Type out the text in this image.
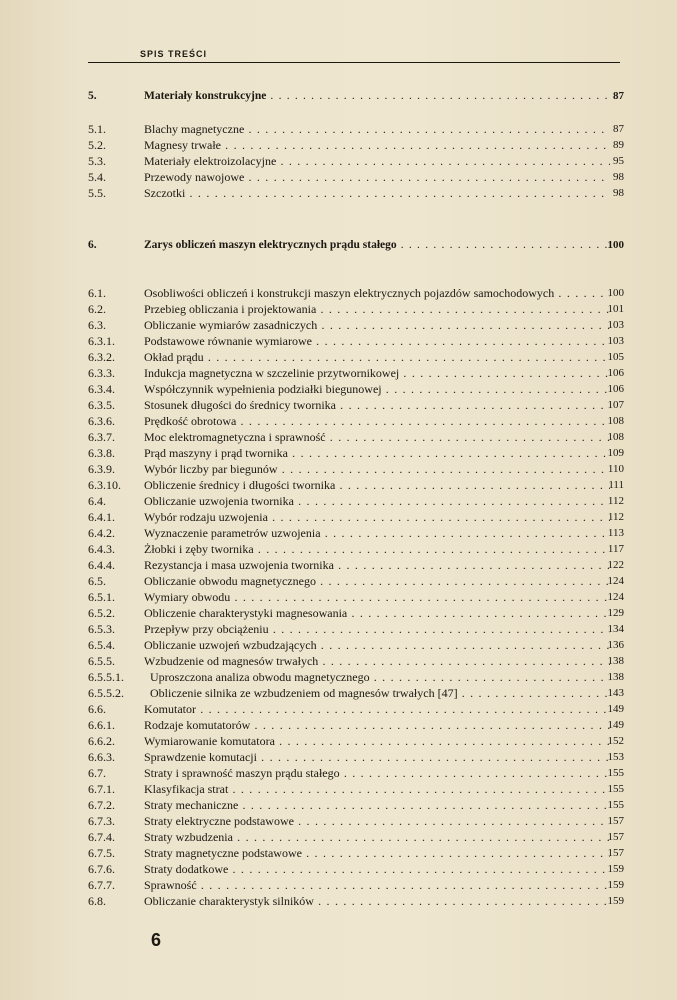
SPIS TREŚCI
5.	Materiały konstrukcyjne . . .	87
5.1.	Blachy magnetyczne . . .	87
5.2.	Magnesy trwałe . . .	89
5.3.	Materiały elektroizolacyjne . . .	95
5.4.	Przewody nawojowe . . .	98
5.5.	Szczotki . . .	98
6.	Zarys obliczeń maszyn elektrycznych prądu stałego . . .	100
6.1.	Osobliwości obliczeń i konstrukcji maszyn elektrycznych pojazdów samochodowych . . .	100
6.2.	Przebieg obliczania i projektowania . . .	101
6.3.	Obliczanie wymiarów zasadniczych . . .	103
6.3.1. Podstawowe równanie wymiarowe . . .	103
6.3.2. Okład prądu . . .	105
6.3.3. Indukcja magnetyczna w szczelinie przytwornikowej . . .	106
6.3.4. Współczynnik wypełnienia podziałki biegunowej . . .	106
6.3.5. Stosunek długości do średnicy twornika . . .	107
6.3.6. Prędkość obrotowa . . .	108
6.3.7. Moc elektromagnetyczna i sprawność . . .	108
6.3.8. Prąd maszyny i prąd twornika . . .	109
6.3.9. Wybór liczby par biegunów . . .	110
6.3.10. Obliczenie średnicy i długości twornika . . .	111
6.4.	Obliczanie uzwojenia twornika . . .	112
6.4.1. Wybór rodzaju uzwojenia . . .	112
6.4.2. Wyznaczenie parametrów uzwojenia . . .	113
6.4.3. Żłobki i zęby twornika . . .	117
6.4.4. Rezystancja i masa uzwojenia twornika . . .	122
6.5.	Obliczanie obwodu magnetycznego . . .	124
6.5.1. Wymiary obwodu . . .	124
6.5.2. Obliczenie charakterystyki magnesowania . . .	129
6.5.3. Przepływ przy obciążeniu . . .	134
6.5.4. Obliczanie uzwojeń wzbudzających . . .	136
6.5.5. Wzbudzenie od magnesów trwałych . . .	138
6.5.5.1. Uproszczona analiza obwodu magnetycznego . . .	138
6.5.5.2. Obliczenie silnika ze wzbudzeniem od magnesów trwałych [47] . . .	143
6.6.	Komutator . . .	149
6.6.1. Rodzaje komutatorów . . .	149
6.6.2. Wymiarowanie komutatora . . .	152
6.6.3. Sprawdzenie komutacji . . .	153
6.7.	Straty i sprawność maszyn prądu stałego . . .	155
6.7.1. Klasyfikacja strat . . .	155
6.7.2. Straty mechaniczne . . .	155
6.7.3. Straty elektryczne podstawowe . . .	157
6.7.4. Straty wzbudzenia . . .	157
6.7.5. Straty magnetyczne podstawowe . . .	157
6.7.6. Straty dodatkowe . . .	159
6.7.7. Sprawność . . .	159
6.8.	Obliczanie charakterystyk silników . . .	159
6
